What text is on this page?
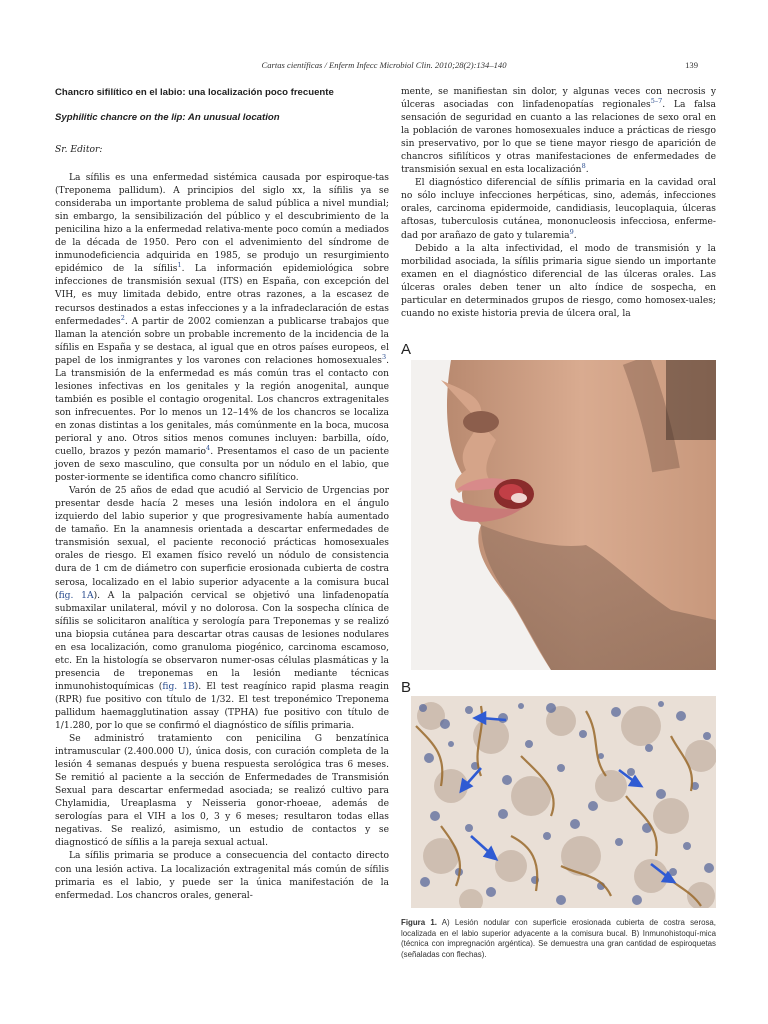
Cartas científicas / Enferm Infecc Microbiol Clin. 2010;28(2):134–140	139

Chancro sifilítico en el labio: una localización poco frecuente

Syphilitic chancre on the lip: An unusual location

Sr. Editor:

La sífilis es una enfermedad sistémica causada por espiroque-tas (Treponema pallidum). A principios del siglo xx, la sífilis ya se consideraba un importante problema de salud pública a nivel mundial; sin embargo, la sensibilización del público y el descubrimiento de la penicilina hizo a la enfermedad relativa-mente poco común a mediados de la década de 1950. Pero con el advenimiento del síndrome de inmunodeficiencia adquirida en 1985, se produjo un resurgimiento epidémico de la sífilis$^1$. La información epidemiológica sobre infecciones de transmisión sexual (ITS) en España, con excepción del VIH, es muy limitada debido, entre otras razones, a la escasez de recursos destinados a estas infecciones y a la infradeclaración de estas enfermedades$^2$. A partir de 2002 comienzan a publicarse trabajos que llaman la atención sobre un probable incremento de la incidencia de la sífilis en España y se destaca, al igual que en otros países europeos, el papel de los inmigrantes y los varones con relaciones homosexuales$^3$. La transmisión de la enfermedad es más común tras el contacto con lesiones infectivas en los genitales y la región anogenital, aunque también es posible el contagio orogenital. Los chancros extragenitales son infrecuentes. Por lo menos un 12–14% de los chancros se localiza en zonas distintas a los genitales, más comúnmente en la boca, mucosa perioral y ano. Otros sitios menos comunes incluyen: barbilla, oído, cuello, brazos y pezón mamario$^4$. Presentamos el caso de un paciente joven de sexo masculino, que consulta por un nódulo en el labio, que poster-iormente se identifica como chancro sifilítico.

Varón de 25 años de edad que acudió al Servicio de Urgencias por presentar desde hacía 2 meses una lesión indolora en el ángulo izquierdo del labio superior y que progresivamente había aumentado de tamaño. En la anamnesis orientada a descartar enfermedades de transmisión sexual, el paciente reconoció prácticas homosexuales orales de riesgo. El examen físico reveló un nódulo de consistencia dura de 1 cm de diámetro con superficie erosionada cubierta de costra serosa, localizado en el labio superior adyacente a la comisura bucal (fig. 1A). A la palpación cervical se objetivó una linfadenopatía submaxilar unilateral, móvil y no dolorosa. Con la sospecha clínica de sífilis se solicitaron analítica y serología para Treponemas y se realizó una biopsia cutánea para descartar otras causas de lesiones nodulares en esa localización, como granuloma piogénico, carcinoma escamoso, etc. En la histología se observaron numer-osas células plasmáticas y la presencia de treponemas en la lesión mediante técnicas inmunohistoquímicas (fig. 1B). El test reagínico rapid plasma reagin (RPR) fue positivo con título de 1/32. El test treponémico Treponema pallidum haemagglutination assay (TPHA) fue positivo con título de 1/1.280, por lo que se confirmó el diagnóstico de sífilis primaria.

Se administró tratamiento con penicilina G benzatínica intramuscular (2.400.000 U), única dosis, con curación completa de la lesión 4 semanas después y buena respuesta serológica tras 6 meses. Se remitió al paciente a la sección de Enfermedades de Transmisión Sexual para descartar enfermedad asociada; se realizó cultivo para Chylamidia, Ureaplasma y Neisseria gonor-rhoeae, además de serologías para el VIH a los 0, 3 y 6 meses; resultaron todas ellas negativas. Se realizó, asimismo, un estudio de contactos y se diagnosticó de sífilis a la pareja sexual actual.

La sífilis primaria se produce a consecuencia del contacto directo con una lesión activa. La localización extragenital más común de sífilis primaria es el labio, y puede ser la única manifestación de la enfermedad. Los chancros orales, general-

mente, se manifiestan sin dolor, y algunas veces con necrosis y úlceras asociadas con linfadenopatías regionales$^{5-7}$. La falsa sensación de seguridad en cuanto a las relaciones de sexo oral en la población de varones homosexuales induce a prácticas de riesgo sin preservativo, por lo que se tiene mayor riesgo de aparición de chancros sifilíticos y otras manifestaciones de enfermedades de transmisión sexual en esta localización$^8$.

El diagnóstico diferencial de sífilis primaria en la cavidad oral no sólo incluye infecciones herpéticas, sino, además, infecciones orales, carcinoma epidermoide, candidiasis, leucoplaquia, úlceras aftosas, tuberculosis cutánea, mononucleosis infecciosa, enferme-dad por arañazo de gato y tularemia$^9$.

Debido a la alta infectividad, el modo de transmisión y la morbilidad asociada, la sífilis primaria sigue siendo un importante examen en el diagnóstico diferencial de las úlceras orales. Las úlceras orales deben tener un alto índice de sospecha, en particular en determinados grupos de riesgo, como homosex-uales; cuando no existe historia previa de úlcera oral, la

A
B
Figura 1. A) Lesión nodular con superficie erosionada cubierta de costra serosa, localizada en el labio superior adyacente a la comisura bucal. B) Inmunohistoquí-mica (técnica con impregnación argéntica). Se demuestra una gran cantidad de espiroquetas (señaladas con flechas).
